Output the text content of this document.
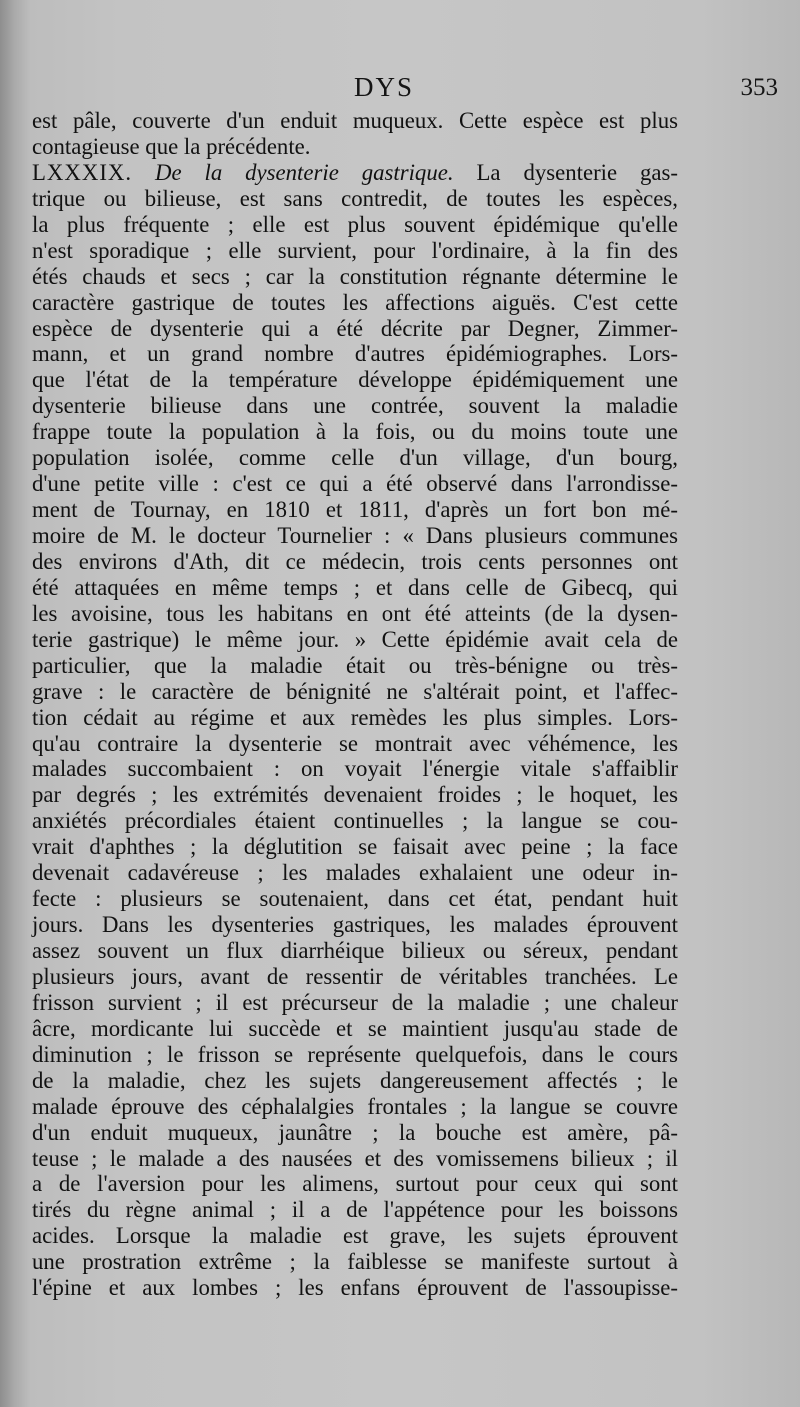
DYS	353
est pâle, couverte d'un enduit muqueux. Cette espèce est plus
contagieuse que la précédente.
LXXXIX. De la dysenterie gastrique. La dysenterie gas-
trique ou bilieuse, est sans contredit, de toutes les espèces,
la plus fréquente ; elle est plus souvent épidémique qu'elle
n'est sporadique ; elle survient, pour l'ordinaire, à la fin des
étés chauds et secs ; car la constitution régnante détermine le
caractère gastrique de toutes les affections aiguës. C'est cette
espèce de dysenterie qui a été décrite par Degner, Zimmer-
mann, et un grand nombre d'autres épidémiographes. Lors-
que l'état de la température développe épidémiquement une
dysenterie bilieuse dans une contrée, souvent la maladie
frappe toute la population à la fois, ou du moins toute une
population isolée, comme celle d'un village, d'un bourg,
d'une petite ville : c'est ce qui a été observé dans l'arrondisse-
ment de Tournay, en 1810 et 1811, d'après un fort bon mé-
moire de M. le docteur Tournelier : « Dans plusieurs communes
des environs d'Ath, dit ce médecin, trois cents personnes ont
été attaquées en même temps ; et dans celle de Gibecq, qui
les avoisine, tous les habitans en ont été atteints (de la dysen-
terie gastrique) le même jour. » Cette épidémie avait cela de
particulier, que la maladie était ou très-bénigne ou très-
grave : le caractère de bénignité ne s'altérait point, et l'affec-
tion cédait au régime et aux remèdes les plus simples. Lors-
qu'au contraire la dysenterie se montrait avec véhémence, les
malades succombaient : on voyait l'énergie vitale s'affaiblir
par degrés ; les extrémités devenaient froides ; le hoquet, les
anxiétés précordiales étaient continuelles ; la langue se cou-
vrait d'aphthes ; la déglutition se faisait avec peine ; la face
devenait cadavéreuse ; les malades exhalaient une odeur in-
fecte : plusieurs se soutenaient, dans cet état, pendant huit
jours. Dans les dysenteries gastriques, les malades éprouvent
assez souvent un flux diarrhéique bilieux ou séreux, pendant
plusieurs jours, avant de ressentir de véritables tranchées. Le
frisson survient ; il est précurseur de la maladie ; une chaleur
âcre, mordicante lui succède et se maintient jusqu'au stade de
diminution ; le frisson se représente quelquefois, dans le cours
de la maladie, chez les sujets dangereusement affectés ; le
malade éprouve des céphalalgies frontales ; la langue se couvre
d'un enduit muqueux, jaunâtre ; la bouche est amère, pâ-
teuse ; le malade a des nausées et des vomissemens bilieux ; il
a de l'aversion pour les alimens, surtout pour ceux qui sont
tirés du règne animal ; il a de l'appétence pour les boissons
acides. Lorsque la maladie est grave, les sujets éprouvent
une prostration extrême ; la faiblesse se manifeste surtout à
l'épine et aux lombes ; les enfans éprouvent de l'assoupisse-
